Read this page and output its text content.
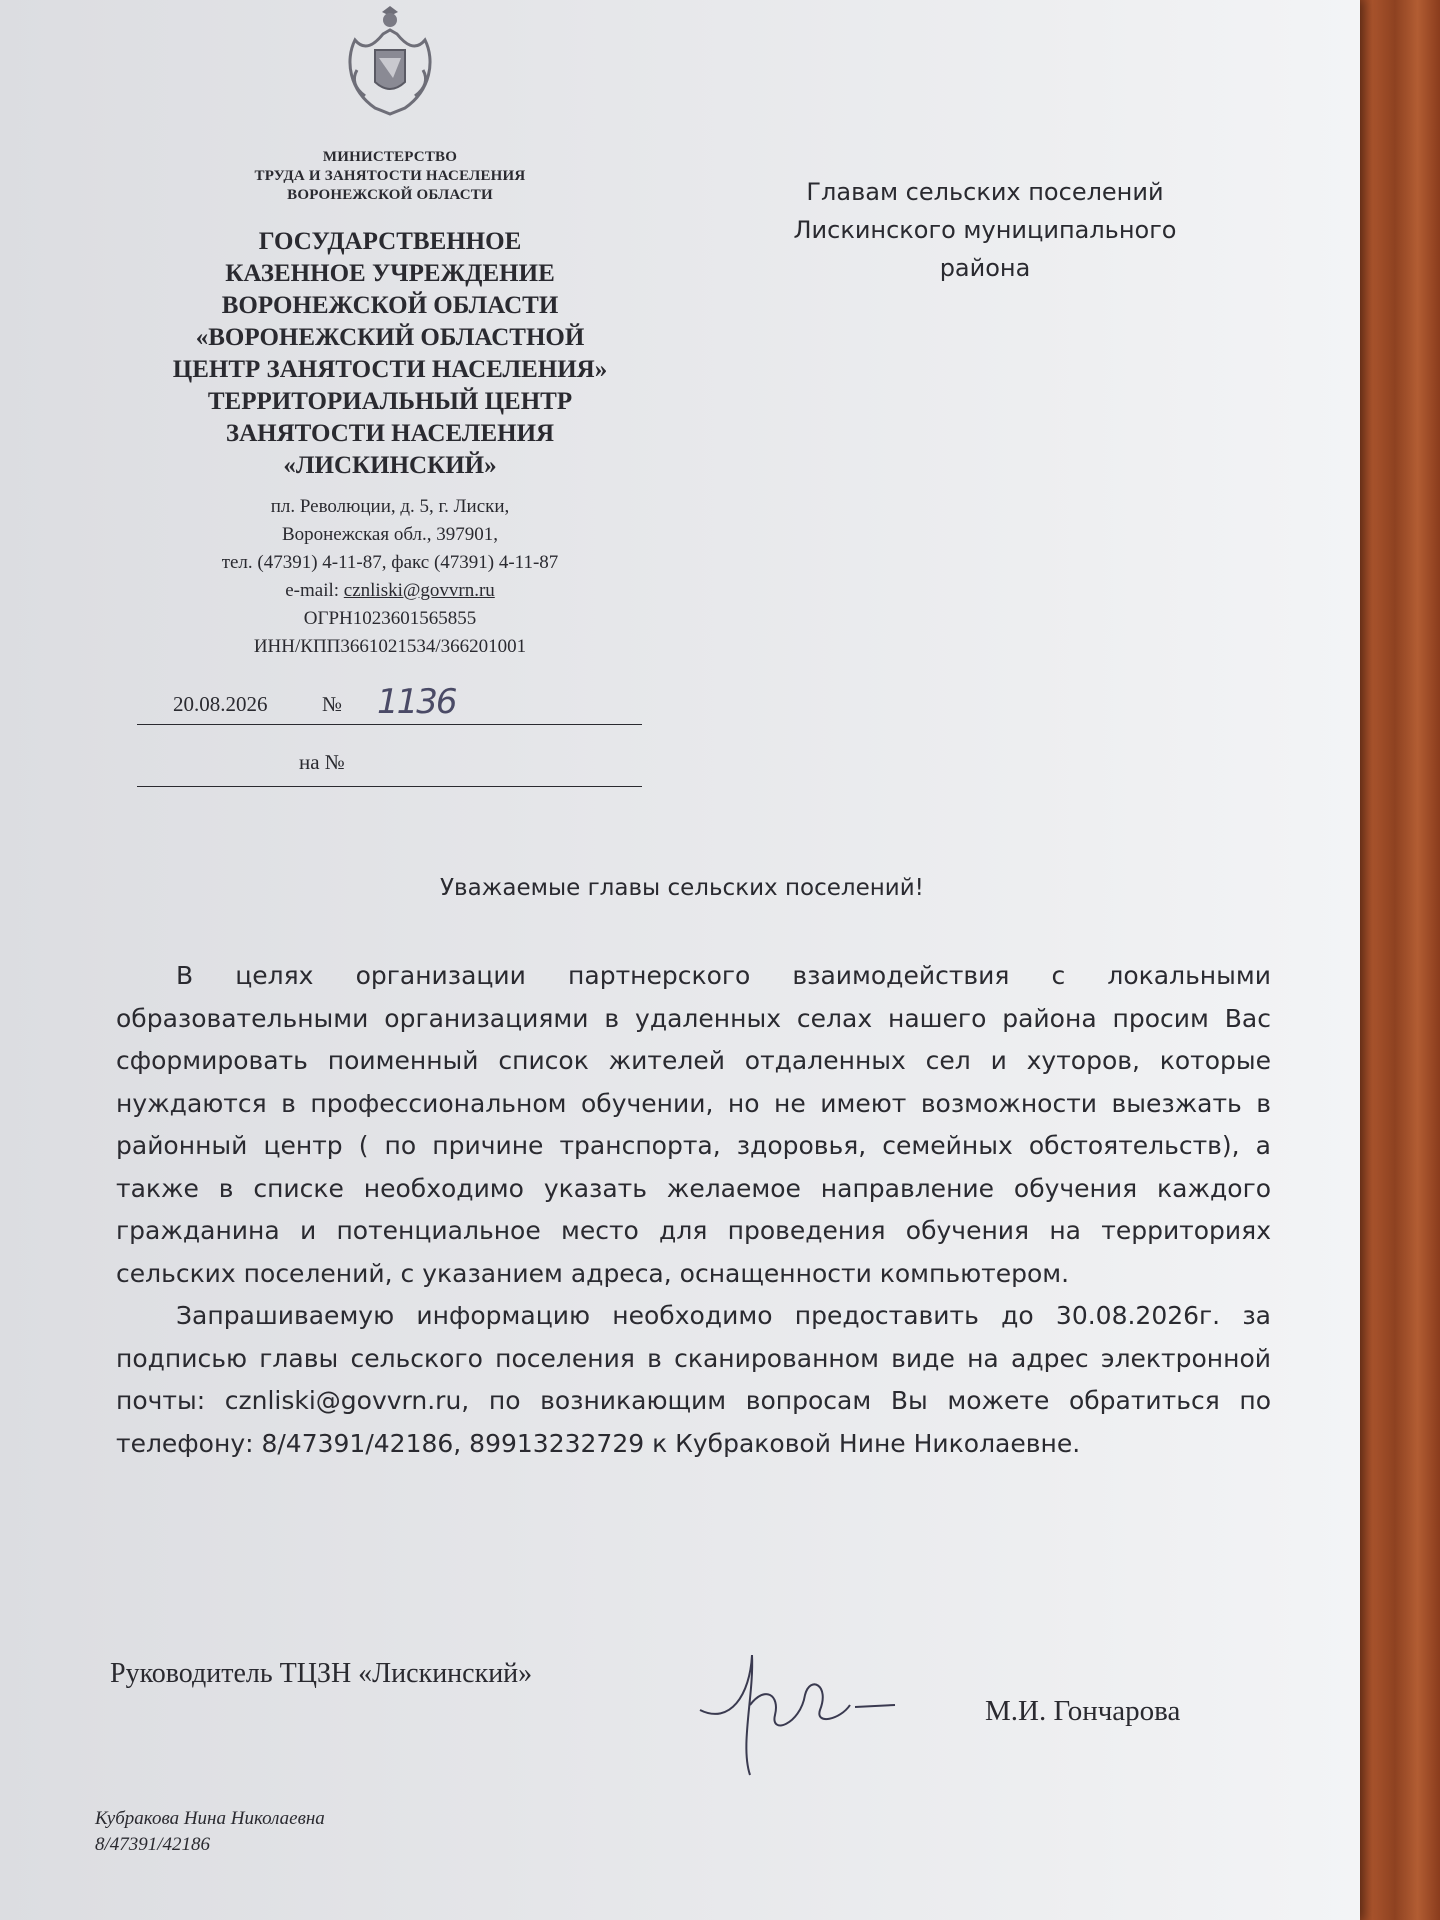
МИНИСТЕРСТВО
ТРУДА И ЗАНЯТОСТИ НАСЕЛЕНИЯ
ВОРОНЕЖСКОЙ ОБЛАСТИ
ГОСУДАРСТВЕННОЕ
КАЗЕННОЕ УЧРЕЖДЕНИЕ
ВОРОНЕЖСКОЙ ОБЛАСТИ
«ВОРОНЕЖСКИЙ ОБЛАСТНОЙ
ЦЕНТР ЗАНЯТОСТИ НАСЕЛЕНИЯ»
ТЕРРИТОРИАЛЬНЫЙ ЦЕНТР
ЗАНЯТОСТИ НАСЕЛЕНИЯ
«ЛИСКИНСКИЙ»
пл. Революции, д. 5, г. Лиски,
Воронежская обл., 397901,
тел. (47391) 4-11-87, факс (47391) 4-11-87
e-mail: cznliski@govvrn.ru
ОГРН1023601565855
ИНН/КПП3661021534/366201001
20.08.2026	№ 1136
на №
Главам сельских поселений
Лискинского муниципального
района
Уважаемые главы сельских поселений!

В целях организации партнерского взаимодействия с локальными образовательными организациями в удаленных селах нашего района просим Вас сформировать поименный список жителей отдаленных сел и хуторов, которые нуждаются в профессиональном обучении, но не имеют возможности выезжать в районный центр ( по причине транспорта, здоровья, семейных обстоятельств), а также в списке необходимо указать желаемое направление обучения каждого гражданина и потенциальное место для проведения обучения на территориях сельских поселений, с указанием адреса, оснащенности компьютером.

Запрашиваемую информацию необходимо предоставить до 30.08.2026г. за подписью главы сельского поселения в сканированном виде на адрес электронной почты: cznliski@govvrn.ru, по возникающим вопросам Вы можете обратиться по телефону: 8/47391/42186, 89913232729 к Кубраковой Нине Николаевне.

Руководитель ТЦЗН «Лискинский»
М.И. Гончарова
Кубракова Нина Николаевна
8/47391/42186
